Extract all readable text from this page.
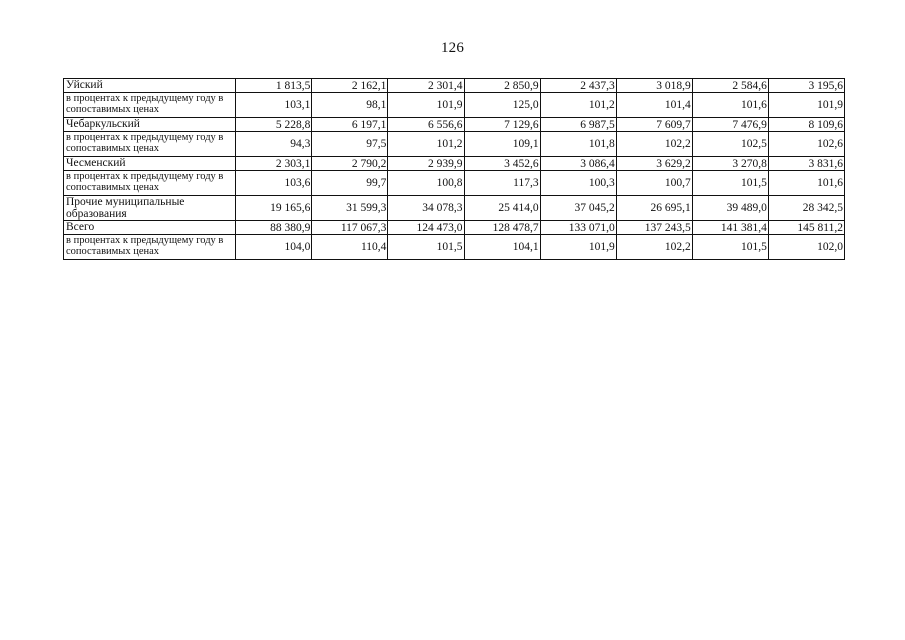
126
Уйский	1 813,5	2 162,1	2 301,4	2 850,9	2 437,3	3 018,9	2 584,6	3 195,6
в процентах к предыдущему году в сопоставимых ценах	103,1	98,1	101,9	125,0	101,2	101,4	101,6	101,9
Чебаркульский	5 228,8	6 197,1	6 556,6	7 129,6	6 987,5	7 609,7	7 476,9	8 109,6
в процентах к предыдущему году в сопоставимых ценах	94,3	97,5	101,2	109,1	101,8	102,2	102,5	102,6
Чесменский	2 303,1	2 790,2	2 939,9	3 452,6	3 086,4	3 629,2	3 270,8	3 831,6
в процентах к предыдущему году в сопоставимых ценах	103,6	99,7	100,8	117,3	100,3	100,7	101,5	101,6
Прочие муниципальные образования	19 165,6	31 599,3	34 078,3	25 414,0	37 045,2	26 695,1	39 489,0	28 342,5
Всего	88 380,9	117 067,3	124 473,0	128 478,7	133 071,0	137 243,5	141 381,4	145 811,2
в процентах к предыдущему году в сопоставимых ценах	104,0	110,4	101,5	104,1	101,9	102,2	101,5	102,0
